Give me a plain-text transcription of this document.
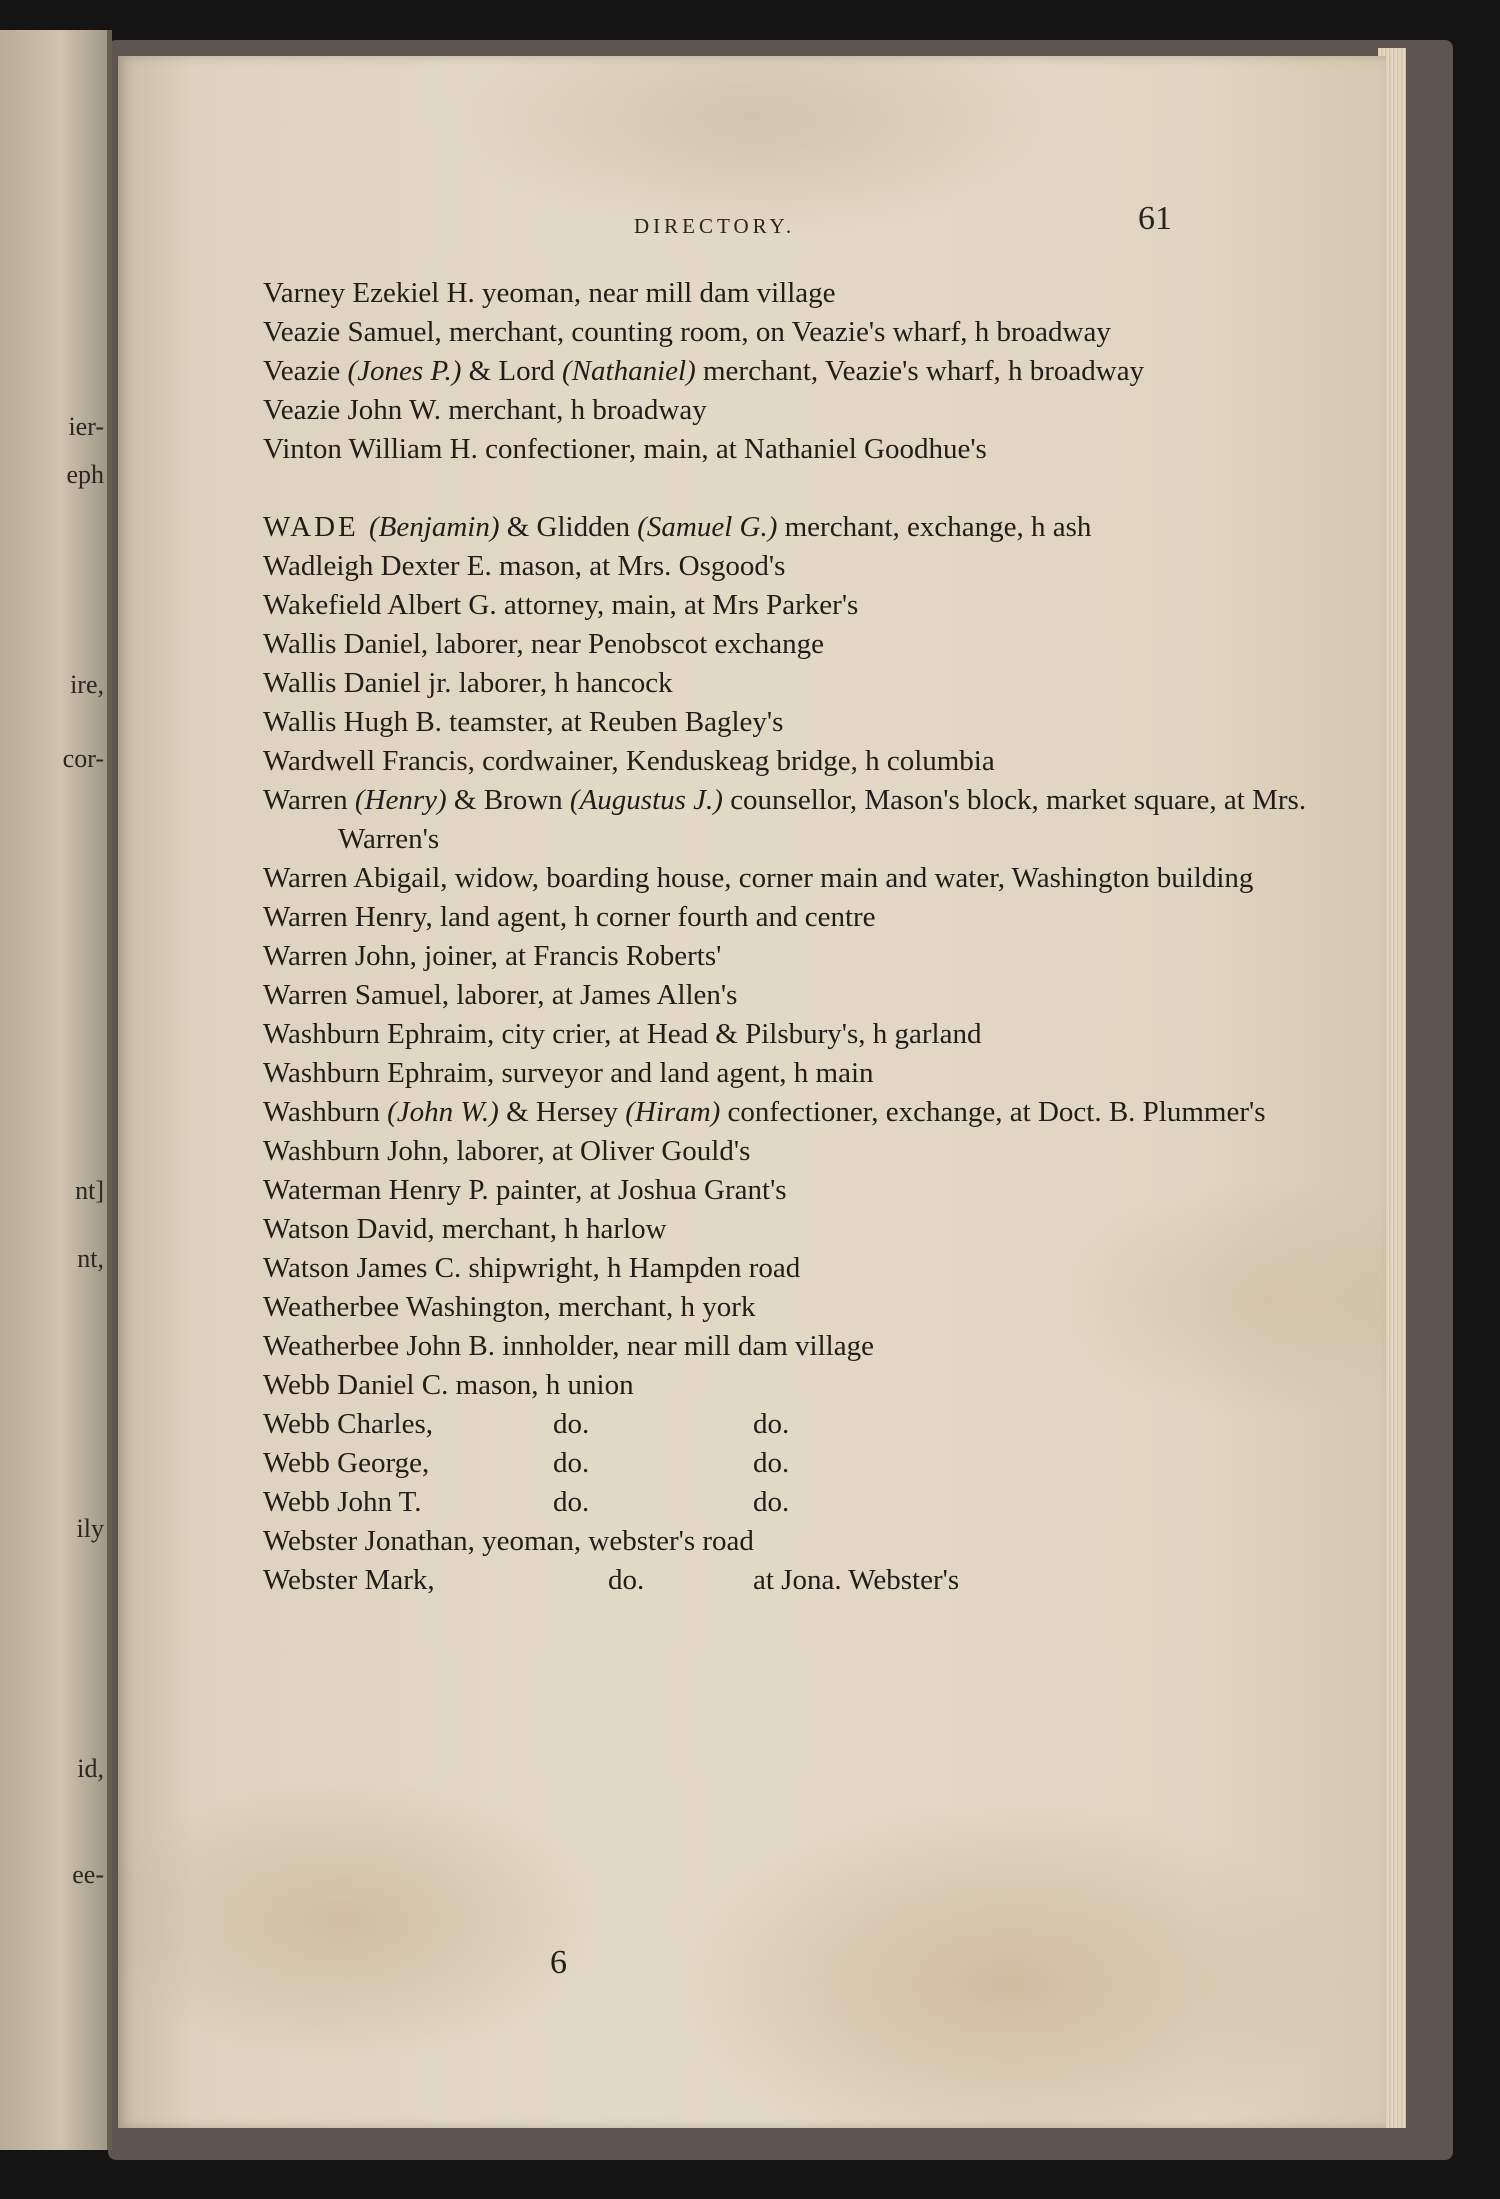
ier-
eph
ire,
cor-
nt]
nt,
ily
id,
ee-
DIRECTORY.	61
Varney Ezekiel H. yeoman, near mill dam village
Veazie Samuel, merchant, counting room, on Veazie's wharf, h broadway
Veazie (Jones P.) & Lord (Nathaniel) merchant, Veazie's wharf, h broadway
Veazie John W. merchant, h broadway
Vinton William H. confectioner, main, at Nathaniel Goodhue's
WADE (Benjamin) & Glidden (Samuel G.) merchant, exchange, h ash
Wadleigh Dexter E. mason, at Mrs. Osgood's
Wakefield Albert G. attorney, main, at Mrs Parker's
Wallis Daniel, laborer, near Penobscot exchange
Wallis Daniel jr. laborer, h hancock
Wallis Hugh B. teamster, at Reuben Bagley's
Wardwell Francis, cordwainer, Kenduskeag bridge, h columbia
Warren (Henry) & Brown (Augustus J.) counsellor, Mason's block, market square, at Mrs. Warren's
Warren Abigail, widow, boarding house, corner main and water, Washington building
Warren Henry, land agent, h corner fourth and centre
Warren John, joiner, at Francis Roberts'
Warren Samuel, laborer, at James Allen's
Washburn Ephraim, city crier, at Head & Pilsbury's, h garland
Washburn Ephraim, surveyor and land agent, h main
Washburn (John W.) & Hersey (Hiram) confectioner, exchange, at Doct. B. Plummer's
Washburn John, laborer, at Oliver Gould's
Waterman Henry P. painter, at Joshua Grant's
Watson David, merchant, h harlow
Watson James C. shipwright, h Hampden road
Weatherbee Washington, merchant, h york
Weatherbee John B. innholder, near mill dam village
Webb Daniel C. mason, h union
Webb Charles,	do.	do.
Webb George,	do.	do.
Webb John T.	do.	do.
Webster Jonathan, yeoman, webster's road
Webster Mark,	do.	at Jona. Webster's
6
